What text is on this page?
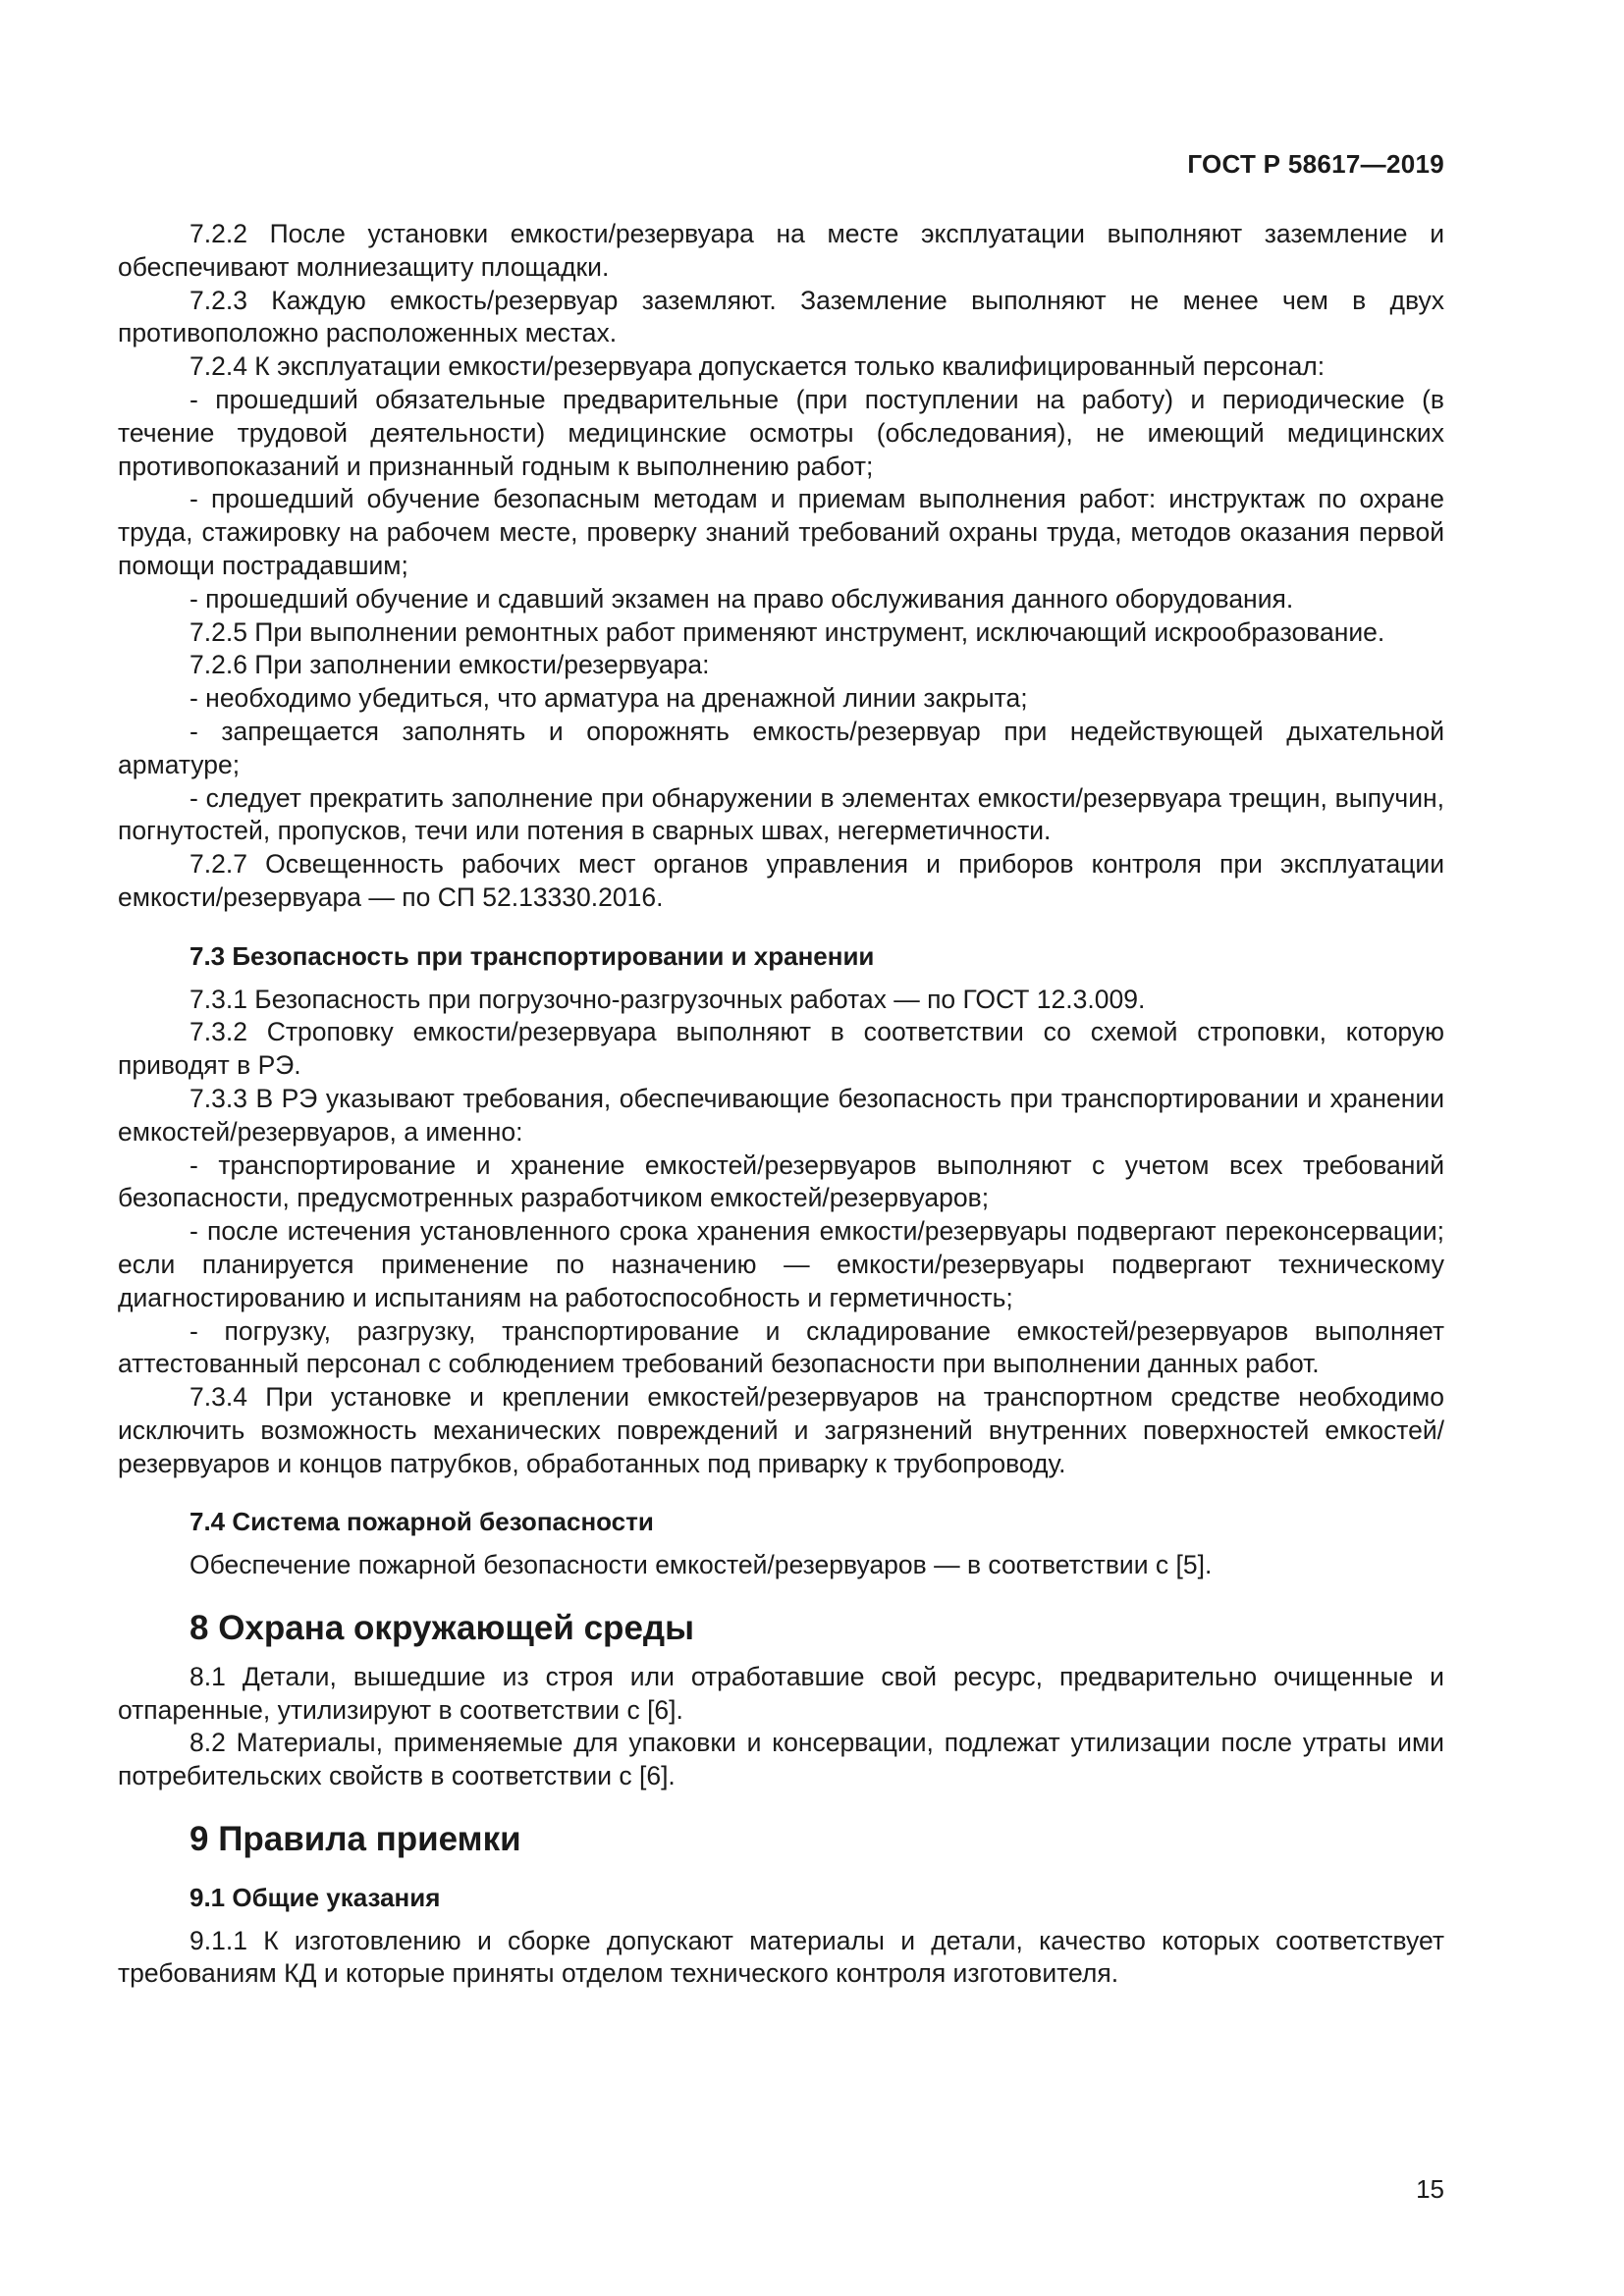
ГОСТ Р 58617—2019
7.2.2 После установки емкости/резервуара на месте эксплуатации выполняют заземление и обеспечивают молниезащиту площадки.
7.2.3 Каждую емкость/резервуар заземляют. Заземление выполняют не менее чем в двух противоположно расположенных местах.
7.2.4 К эксплуатации емкости/резервуара допускается только квалифицированный персонал:
- прошедший обязательные предварительные (при поступлении на работу) и периодические (в течение трудовой деятельности) медицинские осмотры (обследования), не имеющий медицинских противопоказаний и признанный годным к выполнению работ;
- прошедший обучение безопасным методам и приемам выполнения работ: инструктаж по охране труда, стажировку на рабочем месте, проверку знаний требований охраны труда, методов оказания первой помощи пострадавшим;
- прошедший обучение и сдавший экзамен на право обслуживания данного оборудования.
7.2.5 При выполнении ремонтных работ применяют инструмент, исключающий искрообразование.
7.2.6 При заполнении емкости/резервуара:
- необходимо убедиться, что арматура на дренажной линии закрыта;
- запрещается заполнять и опорожнять емкость/резервуар при недействующей дыхательной арматуре;
- следует прекратить заполнение при обнаружении в элементах емкости/резервуара трещин, выпучин, погнутостей, пропусков, течи или потения в сварных швах, негерметичности.
7.2.7 Освещенность рабочих мест органов управления и приборов контроля при эксплуатации емкости/резервуара — по СП 52.13330.2016.
7.3 Безопасность при транспортировании и хранении
7.3.1 Безопасность при погрузочно-разгрузочных работах — по ГОСТ 12.3.009.
7.3.2 Строповку емкости/резервуара выполняют в соответствии со схемой строповки, которую приводят в РЭ.
7.3.3 В РЭ указывают требования, обеспечивающие безопасность при транспортировании и хранении емкостей/резервуаров, а именно:
- транспортирование и хранение емкостей/резервуаров выполняют с учетом всех требований безопасности, предусмотренных разработчиком емкостей/резервуаров;
- после истечения установленного срока хранения емкости/резервуары подвергают переконсервации; если планируется применение по назначению — емкости/резервуары подвергают техническому диагностированию и испытаниям на работоспособность и герметичность;
- погрузку, разгрузку, транспортирование и складирование емкостей/резервуаров выполняет аттестованный персонал с соблюдением требований безопасности при выполнении данных работ.
7.3.4 При установке и креплении емкостей/резервуаров на транспортном средстве необходимо исключить возможность механических повреждений и загрязнений внутренних поверхностей емкостей/резервуаров и концов патрубков, обработанных под приварку к трубопроводу.
7.4 Система пожарной безопасности
Обеспечение пожарной безопасности емкостей/резервуаров — в соответствии с [5].
8 Охрана окружающей среды
8.1 Детали, вышедшие из строя или отработавшие свой ресурс, предварительно очищенные и отпаренные, утилизируют в соответствии с [6].
8.2 Материалы, применяемые для упаковки и консервации, подлежат утилизации после утраты ими потребительских свойств в соответствии с [6].
9 Правила приемки
9.1 Общие указания
9.1.1 К изготовлению и сборке допускают материалы и детали, качество которых соответствует требованиям КД и которые приняты отделом технического контроля изготовителя.
15
